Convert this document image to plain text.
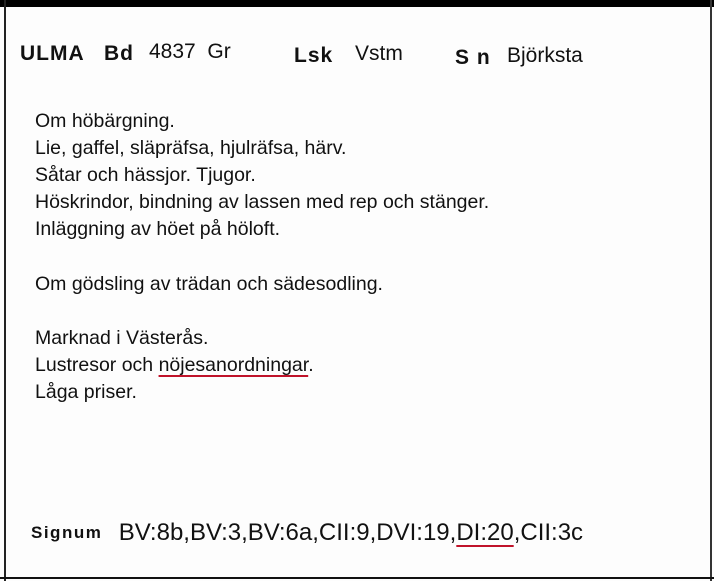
ULMA Bd 4837 Gr	Lsk Vstm S n Björksta
Om höbärgning.
Lie, gaffel, släpräfsa, hjulräfsa, härv.
Såtar och hässjor. Tjugor.
Höskrindor, bindning av lassen med rep och stänger.
Inläggning av höet på höloft.
Om gödsling av trädan och sädesodling.
Marknad i Västerås.
Lustresor och nöjesanordningar.
Låga priser.
Signum BV:8b,BV:3,BV:6a,CII:9,DVI:19,DI:20,CII:3c
